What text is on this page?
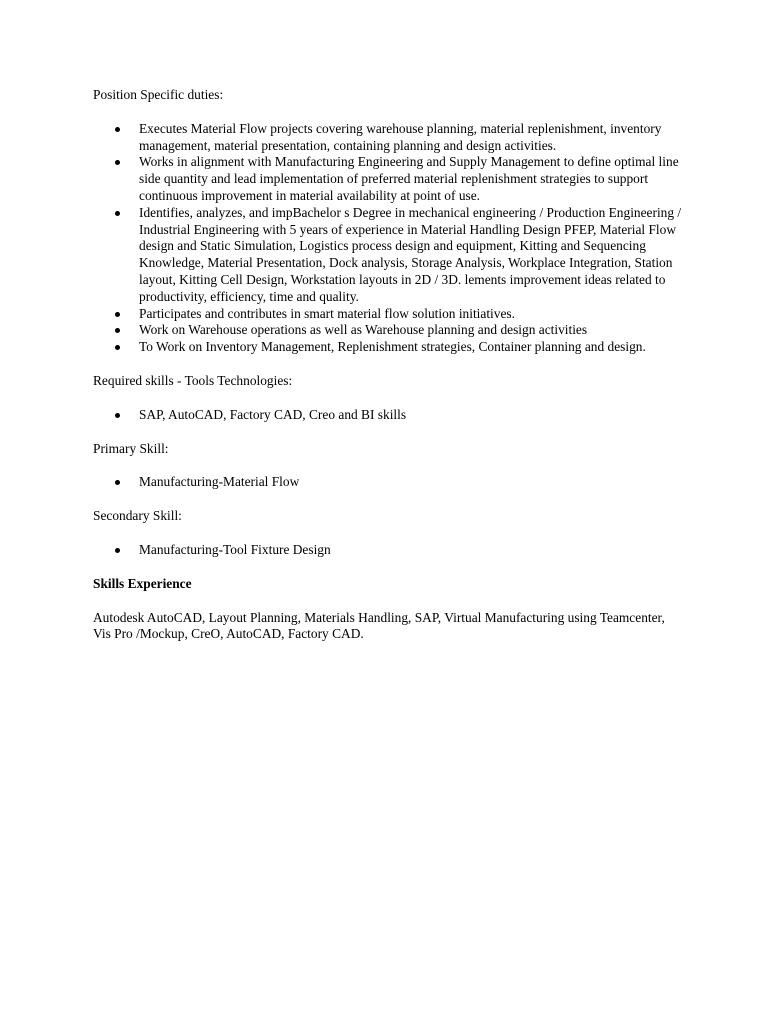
Position Specific duties:

Executes Material Flow projects covering warehouse planning, material replenishment, inventory management, material presentation, containing planning and design activities.
Works in alignment with Manufacturing Engineering and Supply Management to define optimal line side quantity and lead implementation of preferred material replenishment strategies to support continuous improvement in material availability at point of use.
Identifies, analyzes, and impBachelor s Degree in mechanical engineering / Production Engineering / Industrial Engineering with 5 years of experience in Material Handling Design PFEP, Material Flow design and Static Simulation, Logistics process design and equipment, Kitting and Sequencing Knowledge, Material Presentation, Dock analysis, Storage Analysis, Workplace Integration, Station layout, Kitting Cell Design, Workstation layouts in 2D / 3D. lements improvement ideas related to productivity, efficiency, time and quality.
Participates and contributes in smart material flow solution initiatives.
Work on Warehouse operations as well as Warehouse planning and design activities
To Work on Inventory Management, Replenishment strategies, Container planning and design.

Required skills - Tools Technologies:

SAP, AutoCAD, Factory CAD, Creo and BI skills

Primary Skill:

Manufacturing-Material Flow

Secondary Skill:

Manufacturing-Tool Fixture Design

Skills Experience

Autodesk AutoCAD, Layout Planning, Materials Handling, SAP, Virtual Manufacturing using Teamcenter, Vis Pro /Mockup, CreO, AutoCAD, Factory CAD.
